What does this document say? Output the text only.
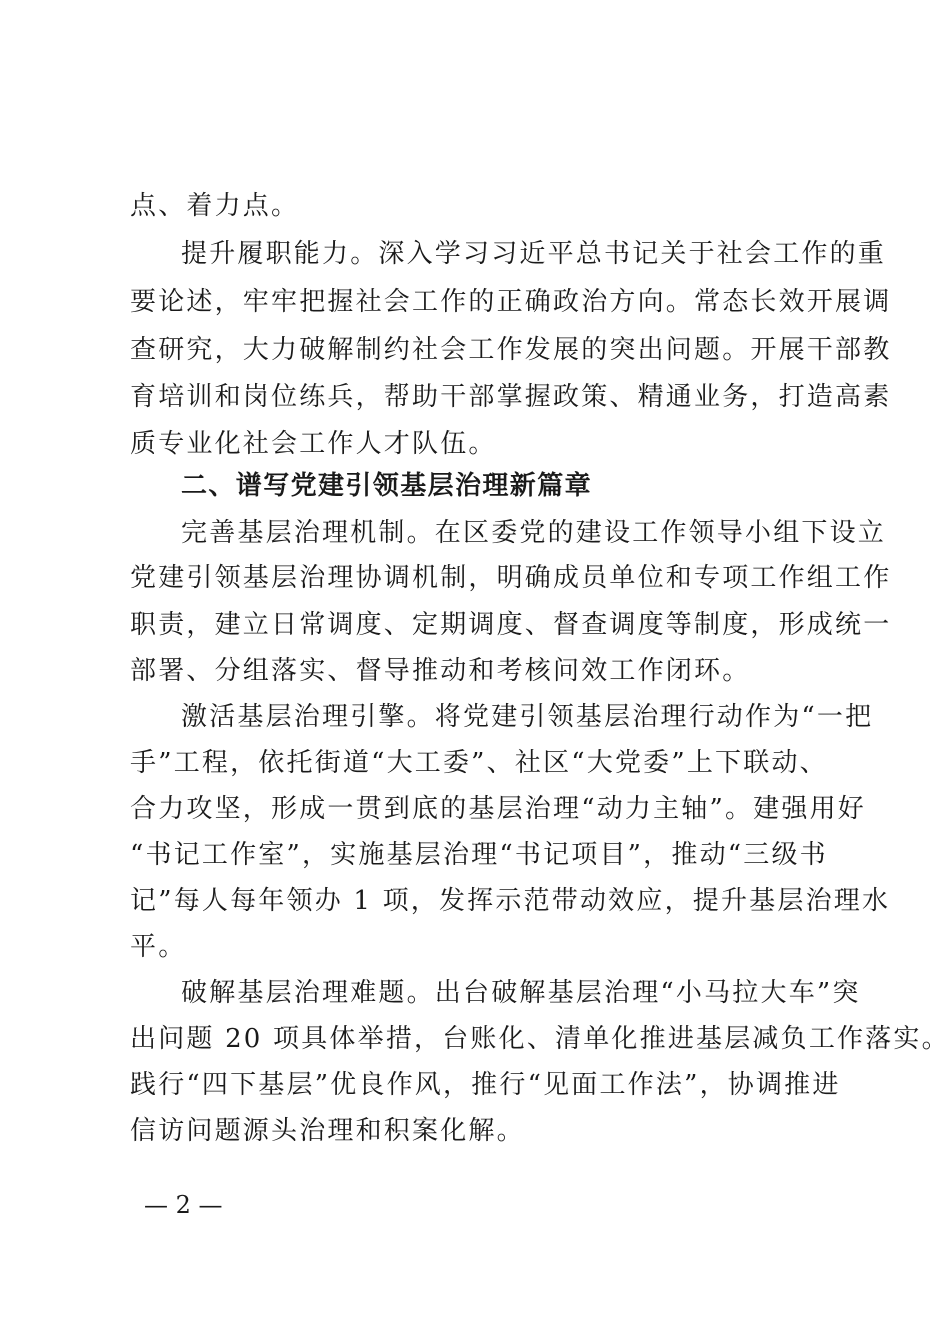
点、着力点。
提升履职能力。深入学习习近平总书记关于社会工作的重
要论述，牢牢把握社会工作的正确政治方向。常态长效开展调
查研究，大力破解制约社会工作发展的突出问题。开展干部教
育培训和岗位练兵，帮助干部掌握政策、精通业务，打造高素
质专业化社会工作人才队伍。
二、谱写党建引领基层治理新篇章
完善基层治理机制。在区委党的建设工作领导小组下设立
党建引领基层治理协调机制，明确成员单位和专项工作组工作
职责，建立日常调度、定期调度、督查调度等制度，形成统一
部署、分组落实、督导推动和考核问效工作闭环。
激活基层治理引擎。将党建引领基层治理行动作为“一把
手”工程，依托街道“大工委”、社区“大党委”上下联动、
合力攻坚，形成一贯到底的基层治理“动力主轴”。建强用好
“书记工作室”，实施基层治理“书记项目”，推动“三级书
记”每人每年领办 1 项，发挥示范带动效应，提升基层治理水
平。
破解基层治理难题。出台破解基层治理“小马拉大车”突
出问题 20 项具体举措，台账化、清单化推进基层减负工作落实。
践行“四下基层”优良作风，推行“见面工作法”，协调推进
信访问题源头治理和积案化解。
— 2 —
